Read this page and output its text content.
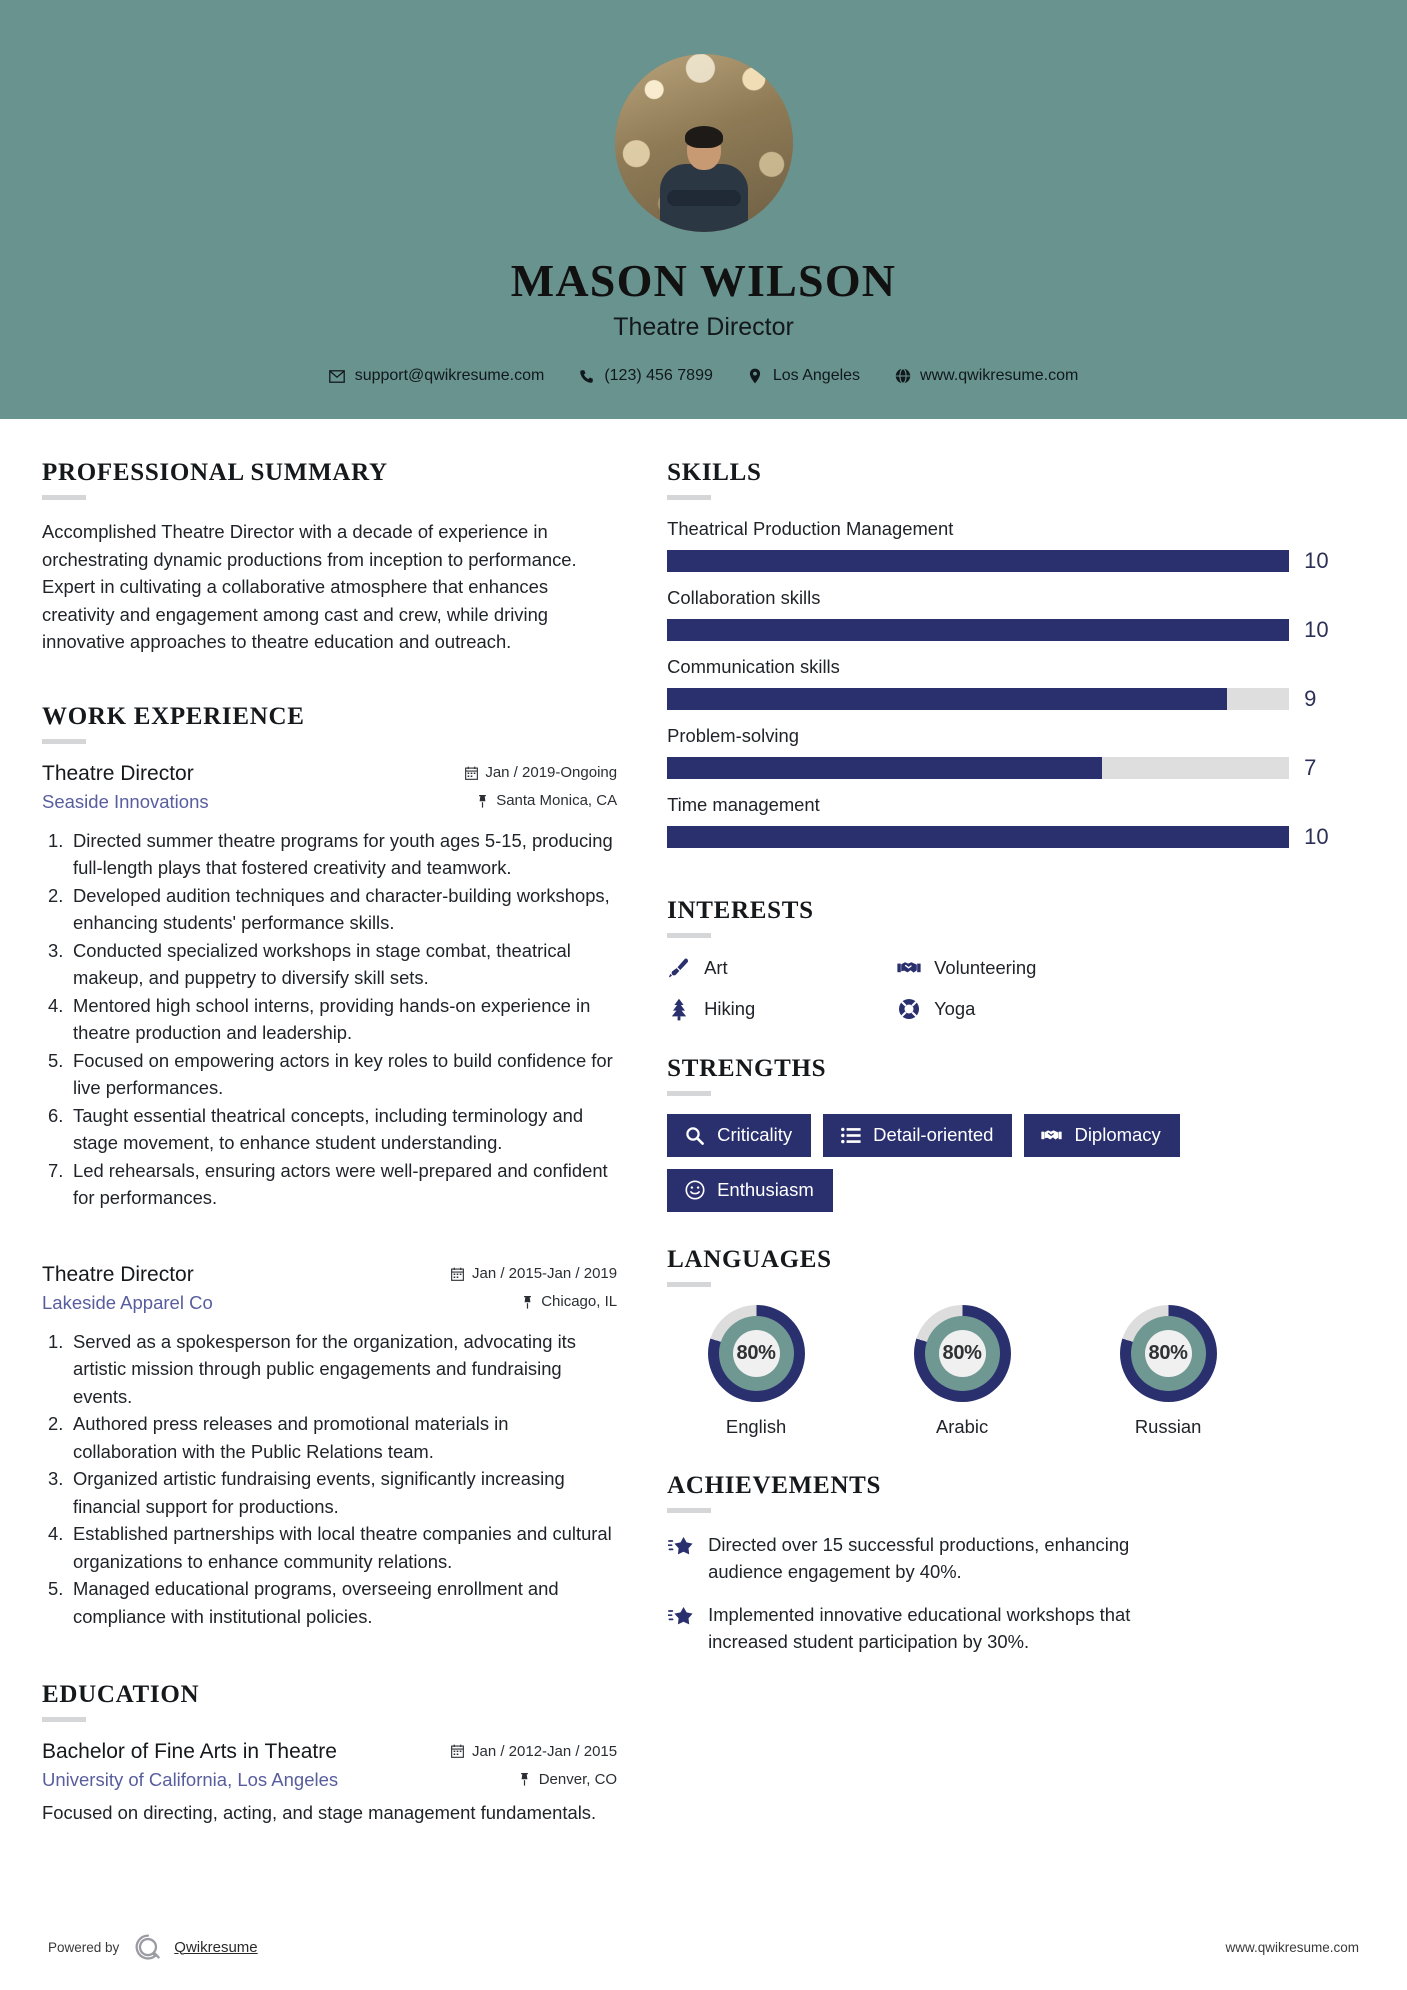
MASON WILSON
Theatre Director
support@qwikresume.com	(123) 456 7899	Los Angeles	www.qwikresume.com
PROFESSIONAL SUMMARY
Accomplished Theatre Director with a decade of experience in orchestrating dynamic productions from inception to performance. Expert in cultivating a collaborative atmosphere that enhances creativity and engagement among cast and crew, while driving innovative approaches to theatre education and outreach.
WORK EXPERIENCE
Theatre Director	Jan / 2019-Ongoing
Seaside Innovations	Santa Monica, CA
Directed summer theatre programs for youth ages 5-15, producing full-length plays that fostered creativity and teamwork.
Developed audition techniques and character-building workshops, enhancing students' performance skills.
Conducted specialized workshops in stage combat, theatrical makeup, and puppetry to diversify skill sets.
Mentored high school interns, providing hands-on experience in theatre production and leadership.
Focused on empowering actors in key roles to build confidence for live performances.
Taught essential theatrical concepts, including terminology and stage movement, to enhance student understanding.
Led rehearsals, ensuring actors were well-prepared and confident for performances.
Theatre Director	Jan / 2015-Jan / 2019
Lakeside Apparel Co	Chicago, IL
Served as a spokesperson for the organization, advocating its artistic mission through public engagements and fundraising events.
Authored press releases and promotional materials in collaboration with the Public Relations team.
Organized artistic fundraising events, significantly increasing financial support for productions.
Established partnerships with local theatre companies and cultural organizations to enhance community relations.
Managed educational programs, overseeing enrollment and compliance with institutional policies.
EDUCATION
Bachelor of Fine Arts in Theatre	Jan / 2012-Jan / 2015
University of California, Los Angeles	Denver, CO
Focused on directing, acting, and stage management fundamentals.
SKILLS
Theatrical Production Management
10
Collaboration skills
10
Communication skills
9
Problem-solving
7
Time management
10
INTERESTS
Art	Volunteering
Hiking	Yoga
STRENGTHS
Criticality	Detail-oriented	Diplomacy
Enthusiasm
LANGUAGES
80%
English
80%
Arabic
80%
Russian
ACHIEVEMENTS
Directed over 15 successful productions, enhancing audience engagement by 40%.
Implemented innovative educational workshops that increased student participation by 30%.
Powered by	Qwikresume	www.qwikresume.com
